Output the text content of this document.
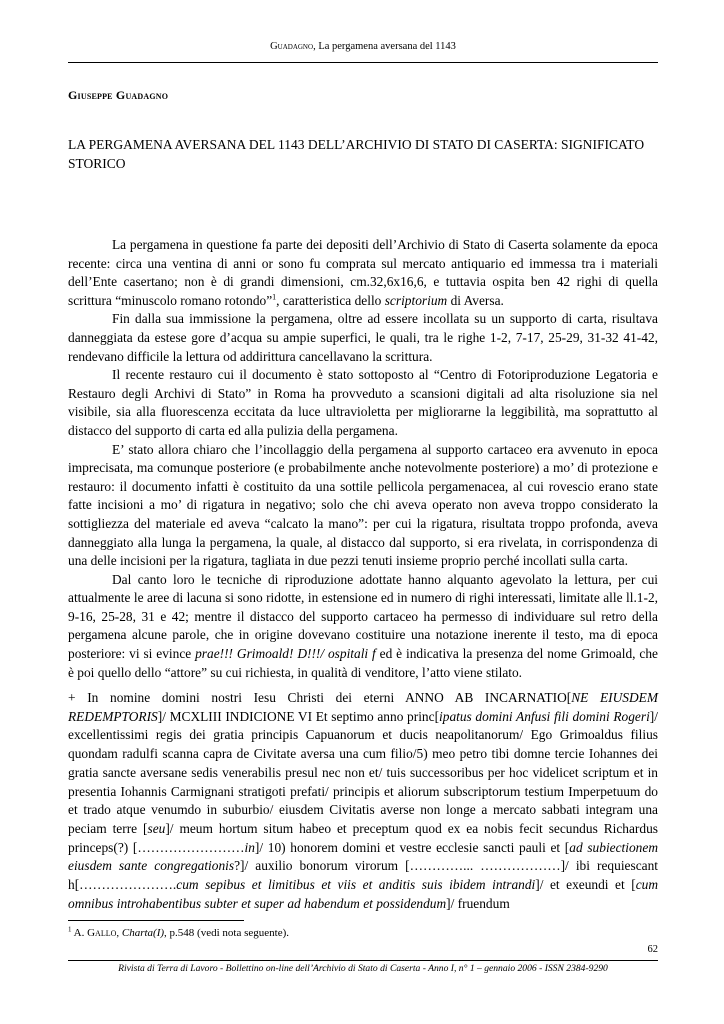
Guadagno, La pergamena aversana del 1143
Giuseppe Guadagno
LA PERGAMENA AVERSANA DEL 1143 DELL’ARCHIVIO DI STATO DI CASERTA: SIGNIFICATO STORICO

La pergamena in questione fa parte dei depositi dell’Archivio di Stato di Caserta solamente da epoca recente: circa una ventina di anni or sono fu comprata sul mercato antiquario ed immessa tra i materiali dell’Ente casertano; non è di grandi dimensioni, cm.32,6x16,6, e tuttavia ospita ben 42 righi di quella scrittura “minuscolo romano rotondo”$^1$, caratteristica dello scriptorium di Aversa.

Fin dalla sua immissione la pergamena, oltre ad essere incollata su un supporto di carta, risultava danneggiata da estese gore d’acqua su ampie superfici, le quali, tra le righe 1-2, 7-17, 25-29, 31-32 41-42, rendevano difficile la lettura od addirittura cancellavano la scrittura.

Il recente restauro cui il documento è stato sottoposto al “Centro di Fotoriproduzione Legatoria e Restauro degli Archivi di Stato” in Roma ha provveduto a scansioni digitali ad alta risoluzione sia nel visibile, sia alla fluorescenza eccitata da luce ultravioletta per migliorarne la leggibilità, ma soprattutto al distacco del supporto di carta ed alla pulizia della pergamena.

E’ stato allora chiaro che l’incollaggio della pergamena al supporto cartaceo era avvenuto in epoca imprecisata, ma comunque posteriore (e probabilmente anche notevolmente posteriore) a mo’ di protezione e restauro: il documento infatti è costituito da una sottile pellicola pergamenacea, al cui rovescio erano state fatte incisioni a mo’ di rigatura in negativo; solo che chi aveva operato non aveva troppo considerato la sottigliezza del materiale ed aveva “calcato la mano”: per cui la rigatura, risultata troppo profonda, aveva danneggiato alla lunga la pergamena, la quale, al distacco dal supporto, si era rivelata, in corrispondenza di una delle incisioni per la rigatura, tagliata in due pezzi tenuti insieme proprio perché incollati sulla carta.

Dal canto loro le tecniche di riproduzione adottate hanno alquanto agevolato la lettura, per cui attualmente le aree di lacuna si sono ridotte, in estensione ed in numero di righi interessati, limitate alle ll.1-2, 9-16, 25-28, 31 e 42; mentre il distacco del supporto cartaceo ha permesso di individuare sul retro della pergamena alcune parole, che in origine dovevano costituire una notazione inerente il testo, ma di epoca posteriore: vi si evince prae!!! Grimoald! D!!!/ ospitali f ed è indicativa la presenza del nome Grimoald, che è poi quello dello “attore” su cui richiesta, in qualità di venditore, l’atto viene stilato.

+ In nomine domini nostri Iesu Christi dei eterni ANNO AB INCARNATIO[NE EIUSDEM REDEMPTORIS]/ MCXLIII INDICIONE VI Et septimo anno princ[ipatus domini Anfusi fili domini Rogeri]/ excellentissimi regis dei gratia principis Capuanorum et ducis neapolitanorum/ Ego Grimoaldus filius quondam radulfi scanna capra de Civitate aversa una cum filio/5) meo petro tibi domne tercie Iohannes dei gratia sancte aversane sedis venerabilis presul nec non et/ tuis successoribus per hoc videlicet scriptum et in presentia Iohannis Carmignani stratigoti prefati/ principis et aliorum subscriptorum testium Imperpetuum do et trado atque venumdo in suburbio/ eiusdem Civitatis averse non longe a mercato sabbati integram una peciam terre [seu]/ meum hortum situm habeo et preceptum quod ex ea nobis fecit secundus Richardus princeps(?) [……………………in]/ 10) honorem domini et vestre ecclesie sancti pauli et [ad subiectionem eiusdem sante congregationis?]/ auxilio bonorum virorum […………... ………………]/ ibi requiescant h[………………….cum sepibus et limitibus et viis et anditis suis ibidem intrandi]/ et exeundi et [cum omnibus introhabentibus subter et super ad habendum et possidendum]/ fruendum

$^1$ A. Gallo, Charta(I), p.548 (vedi nota seguente).
62
Rivista di Terra di Lavoro - Bollettino on-line dell’Archivio di Stato di Caserta - Anno I, n° 1 – gennaio 2006 - ISSN 2384-9290
